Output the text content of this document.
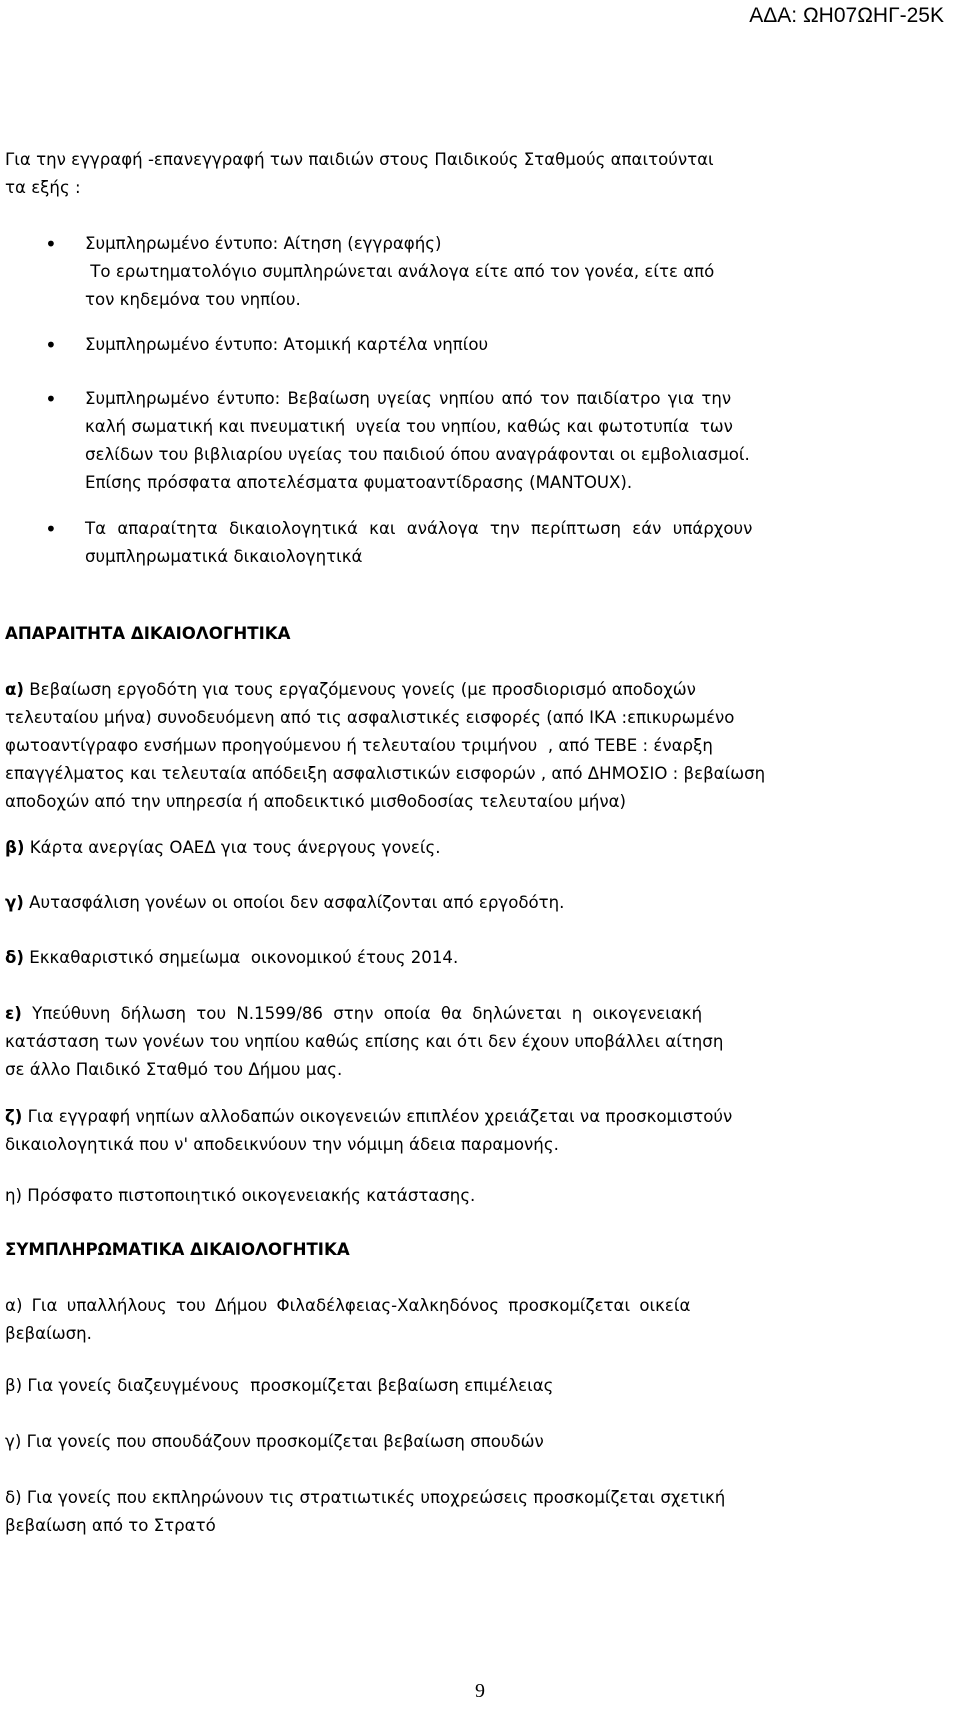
ΑΔΑ: ΩΗ07ΩΗΓ-25Κ
Για την εγγραφή -επανεγγραφή των παιδιών στους Παιδικούς Σταθμούς απαιτούνται
τα εξής :
• Συμπληρωμένο έντυπο: Αίτηση (εγγραφής)
Το ερωτηματολόγιο συμπληρώνεται ανάλογα είτε από τον γονέα, είτε από
τον κηδεμόνα του νηπίου.
• Συμπληρωμένο έντυπο: Ατομική καρτέλα νηπίου
• Συμπληρωμένο έντυπο: Βεβαίωση υγείας νηπίου από τον παιδίατρο για την
καλή σωματική και πνευματική  υγεία του νηπίου, καθώς και φωτοτυπία  των
σελίδων του βιβλιαρίου υγείας του παιδιού όπου αναγράφονται οι εμβολιασμοί.
Επίσης πρόσφατα αποτελέσματα φυματοαντίδρασης (MANTOUX).
• Τα απαραίτητα δικαιολογητικά και ανάλογα την περίπτωση εάν υπάρχουν
συμπληρωματικά δικαιολογητικά
ΑΠΑΡΑΙΤΗΤΑ ΔΙΚΑΙΟΛΟΓΗΤΙΚΑ
α) Βεβαίωση εργοδότη για τους εργαζόμενους γονείς (με προσδιορισμό αποδοχών
τελευταίου μήνα) συνοδευόμενη από τις ασφαλιστικές εισφορές (από ΙΚΑ :επικυρωμένο
φωτοαντίγραφο ενσήμων προηγούμενου ή τελευταίου τριμήνου  , από ΤΕΒΕ : έναρξη
επαγγέλματος και τελευταία απόδειξη ασφαλιστικών εισφορών , από ΔΗΜΟΣΙΟ : βεβαίωση
αποδοχών από την υπηρεσία ή αποδεικτικό μισθοδοσίας τελευταίου μήνα)
β) Κάρτα ανεργίας ΟΑΕΔ για τους άνεργους γονείς.
γ) Αυτασφάλιση γονέων οι οποίοι δεν ασφαλίζονται από εργοδότη.
δ) Εκκαθαριστικό σημείωμα  οικονομικού έτους 2014.
ε) Υπεύθυνη δήλωση του Ν.1599/86 στην οποία θα δηλώνεται η οικογενειακή
κατάσταση των γονέων του νηπίου καθώς επίσης και ότι δεν έχουν υποβάλλει αίτηση
σε άλλο Παιδικό Σταθμό του Δήμου μας.
ζ) Για εγγραφή νηπίων αλλοδαπών οικογενειών επιπλέον χρειάζεται να προσκομιστούν
δικαιολογητικά που ν' αποδεικνύουν την νόμιμη άδεια παραμονής.
η) Πρόσφατο πιστοποιητικό οικογενειακής κατάστασης.
ΣΥΜΠΛΗΡΩΜΑΤΙΚΑ ΔΙΚΑΙΟΛΟΓΗΤΙΚΑ
α) Για υπαλλήλους του Δήμου Φιλαδέλφειας-Χαλκηδόνος προσκομίζεται οικεία
βεβαίωση.
β) Για γονείς διαζευγμένους  προσκομίζεται βεβαίωση επιμέλειας
γ) Για γονείς που σπουδάζουν προσκομίζεται βεβαίωση σπουδών
δ) Για γονείς που εκπληρώνουν τις στρατιωτικές υποχρεώσεις προσκομίζεται σχετική
βεβαίωση από το Στρατό
9
